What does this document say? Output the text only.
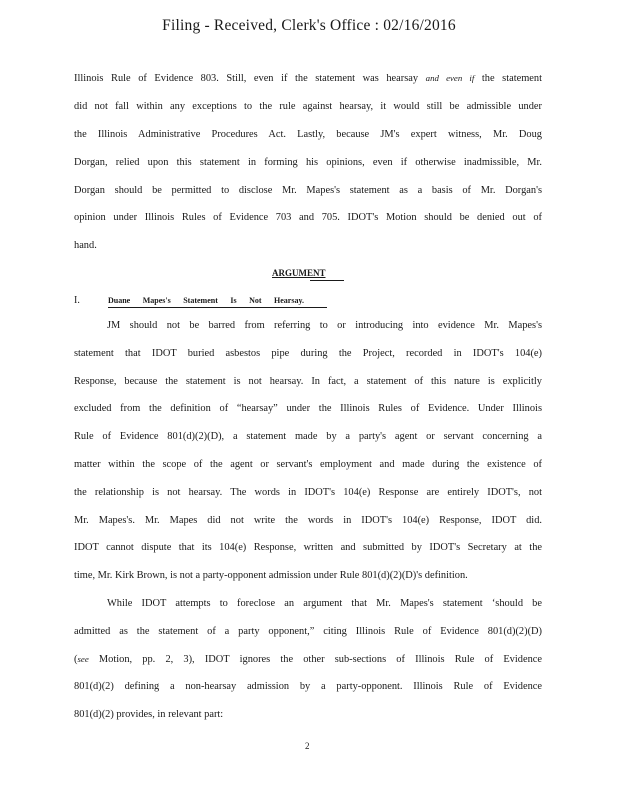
Filing - Received, Clerk's Office : 02/16/2016
Illinois Rule of Evidence 803. Still, even if the statement was hearsay and even if the statement
did not fall within any exceptions to the rule against hearsay, it would still be admissible under
the Illinois Administrative Procedures Act. Lastly, because JM's expert witness, Mr. Doug
Dorgan, relied upon this statement in forming his opinions, even if otherwise inadmissible, Mr.
Dorgan should be permitted to disclose Mr. Mapes's statement as a basis of Mr. Dorgan's
opinion under Illinois Rules of Evidence 703 and 705. IDOT's Motion should be denied out of
hand.
ARGUMENT
I.	Duane Mapes's Statement Is Not Hearsay.
JM should not be barred from referring to or introducing into evidence Mr. Mapes's
statement that IDOT buried asbestos pipe during the Project, recorded in IDOT's 104(e)
Response, because the statement is not hearsay. In fact, a statement of this nature is explicitly
excluded from the definition of “hearsay” under the Illinois Rules of Evidence. Under Illinois
Rule of Evidence 801(d)(2)(D), a statement made by a party's agent or servant concerning a
matter within the scope of the agent or servant's employment and made during the existence of
the relationship is not hearsay. The words in IDOT's 104(e) Response are entirely IDOT's, not
Mr. Mapes's. Mr. Mapes did not write the words in IDOT's 104(e) Response, IDOT did.
IDOT cannot dispute that its 104(e) Response, written and submitted by IDOT's Secretary at the
time, Mr. Kirk Brown, is not a party-opponent admission under Rule 801(d)(2)(D)'s definition.
While IDOT attempts to foreclose an argument that Mr. Mapes's statement ‘should be
admitted as the statement of a party opponent,” citing Illinois Rule of Evidence 801(d)(2)(D)
(see Motion, pp. 2, 3), IDOT ignores the other sub-sections of Illinois Rule of Evidence
801(d)(2) defining a non-hearsay admission by a party-opponent. Illinois Rule of Evidence
801(d)(2) provides, in relevant part:
2
